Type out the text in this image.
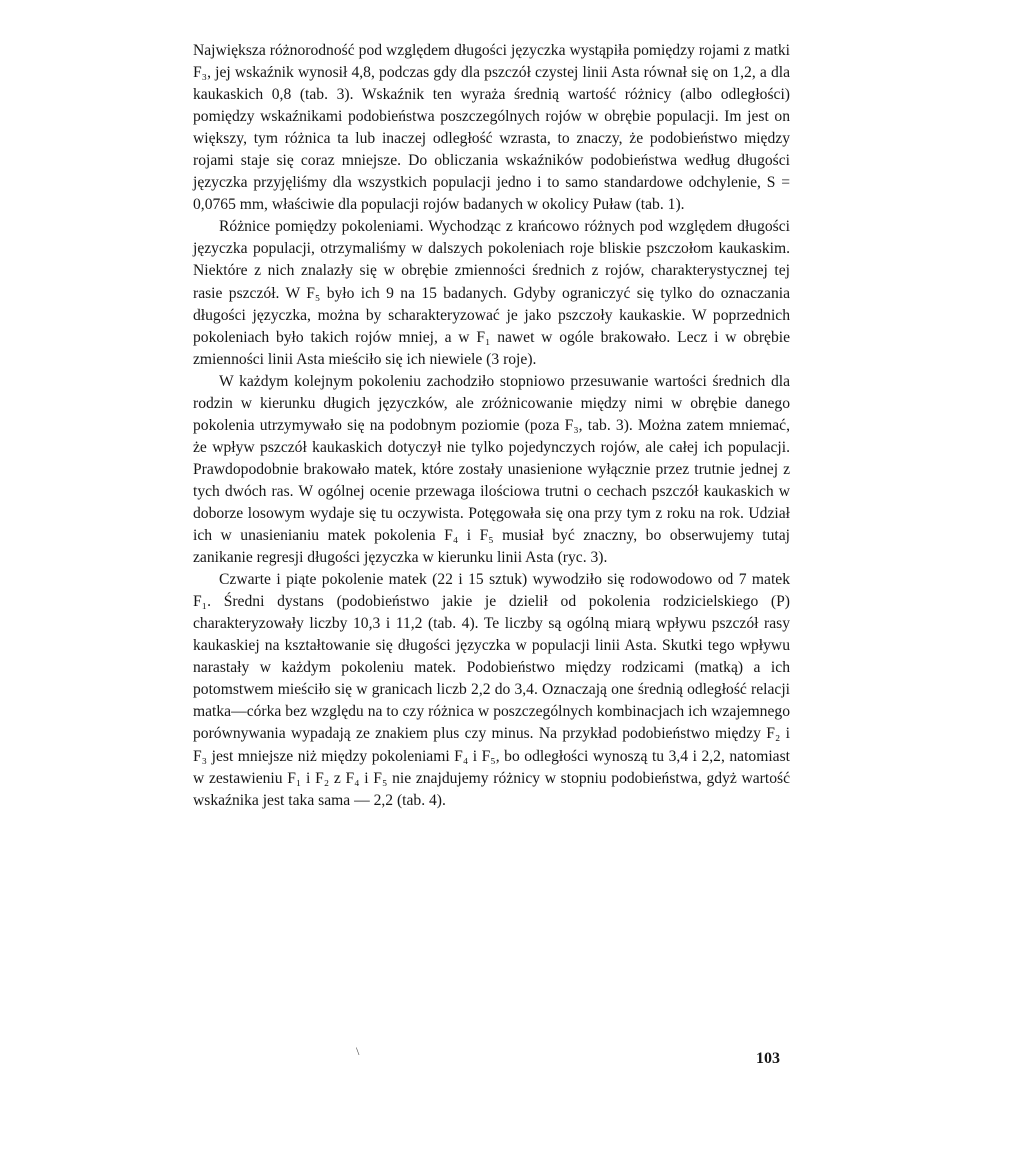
Największa różnorodność pod względem długości języczka wystąpiła pomiędzy rojami z matki F₃, jej wskaźnik wynosił 4,8, podczas gdy dla pszczół czystej linii Asta równał się on 1,2, a dla kaukaskich 0,8 (tab. 3). Wskaźnik ten wyraża średnią wartość różnicy (albo odległości) pomiędzy wskaźnikami podobieństwa poszczególnych rojów w obrębie populacji. Im jest on większy, tym różnica ta lub inaczej odległość wzrasta, to znaczy, że podobieństwo między rojami staje się coraz mniejsze. Do obliczania wskaźników podobieństwa według długości języczka przyjęliśmy dla wszystkich populacji jedno i to samo standardowe odchylenie, S = 0,0765 mm, właściwie dla populacji rojów badanych w okolicy Puław (tab. 1).

Różnice pomiędzy pokoleniami. Wychodząc z krańcowo różnych pod względem długości języczka populacji, otrzymaliśmy w dalszych pokoleniach roje bliskie pszczołom kaukaskim. Niektóre z nich znalazły się w obrębie zmienności średnich z rojów, charakterystycznej tej rasie pszczół. W F₅ było ich 9 na 15 badanych. Gdyby ograniczyć się tylko do oznaczania długości języczka, można by scharakteryzować je jako pszczoły kaukaskie. W poprzednich pokoleniach było takich rojów mniej, a w F₁ nawet w ogóle brakowało. Lecz i w obrębie zmienności linii Asta mieściło się ich niewiele (3 roje).

W każdym kolejnym pokoleniu zachodziło stopniowo przesuwanie wartości średnich dla rodzin w kierunku długich języczków, ale zróżnicowanie między nimi w obrębie danego pokolenia utrzymywało się na podobnym poziomie (poza F₃, tab. 3). Można zatem mniemać, że wpływ pszczół kaukaskich dotyczył nie tylko pojedynczych rojów, ale całej ich populacji. Prawdopodobnie brakowało matek, które zostały unasienione wyłącznie przez trutnie jednej z tych dwóch ras. W ogólnej ocenie przewaga ilościowa trutni o cechach pszczół kaukaskich w doborze losowym wydaje się tu oczywista. Potęgowała się ona przy tym z roku na rok. Udział ich w unasienianiu matek pokolenia F₄ i F₅ musiał być znaczny, bo obserwujemy tutaj zanikanie regresji długości języczka w kierunku linii Asta (ryc. 3).

Czwarte i piąte pokolenie matek (22 i 15 sztuk) wywodziło się rodowodowo od 7 matek F₁. Średni dystans (podobieństwo jakie je dzielił od pokolenia rodzicielskiego (P) charakteryzowały liczby 10,3 i 11,2 (tab. 4). Te liczby są ogólną miarą wpływu pszczół rasy kaukaskiej na kształtowanie się długości języczka w populacji linii Asta. Skutki tego wpływu narastały w każdym pokoleniu matek. Podobieństwo między rodzicami (matką) a ich potomstwem mieściło się w granicach liczb 2,2 do 3,4. Oznaczają one średnią odległość relacji matka—córka bez względu na to czy różnica w poszczególnych kombinacjach ich wzajemnego porównywania wypadają ze znakiem plus czy minus. Na przykład podobieństwo między F₂ i F₃ jest mniejsze niż między pokoleniami F₄ i F₅, bo odległości wynoszą tu 3,4 i 2,2, natomiast w zestawieniu F₁ i F₂ z F₄ i F₅ nie znajdujemy różnicy w stopniu podobieństwa, gdyż wartość wskaźnika jest taka sama — 2,2 (tab. 4).

\	103
